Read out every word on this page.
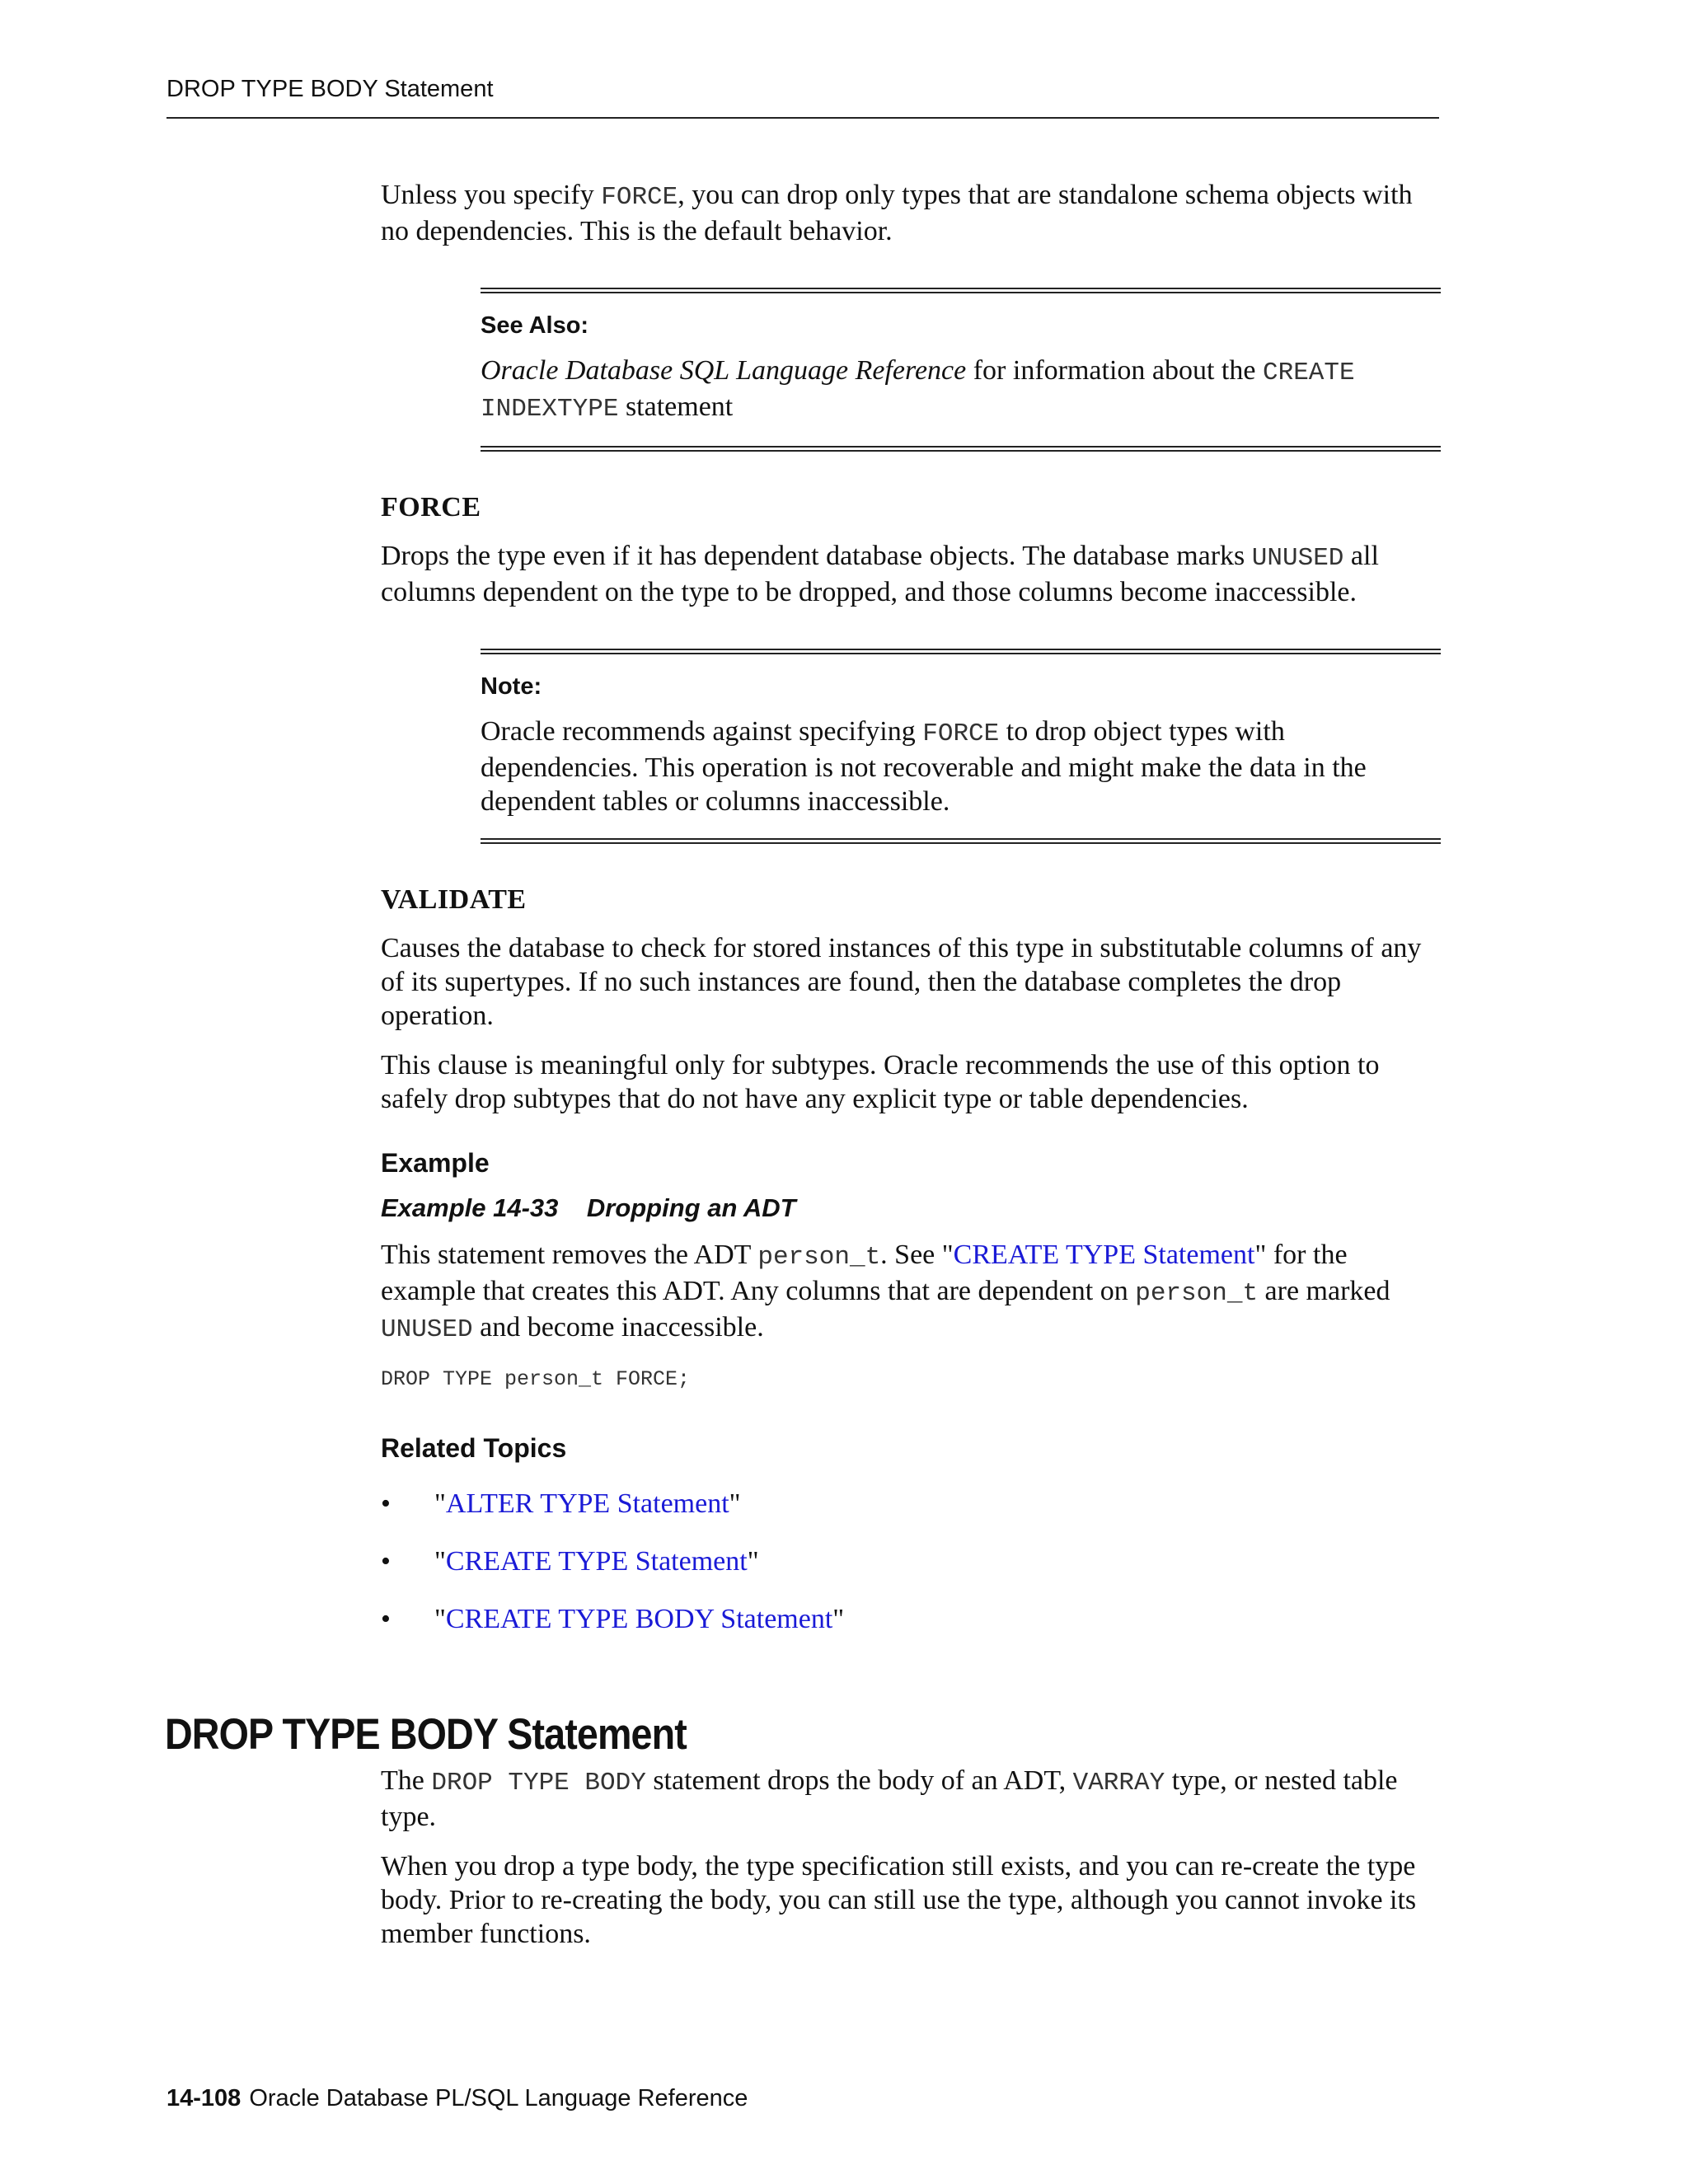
DROP TYPE BODY Statement

Unless you specify FORCE, you can drop only types that are standalone schema objects with no dependencies. This is the default behavior.

See Also:

Oracle Database SQL Language Reference for information about the CREATE INDEXTYPE statement

FORCE

Drops the type even if it has dependent database objects. The database marks UNUSED all columns dependent on the type to be dropped, and those columns become inaccessible.

Note:

Oracle recommends against specifying FORCE to drop object types with dependencies. This operation is not recoverable and might make the data in the dependent tables or columns inaccessible.

VALIDATE

Causes the database to check for stored instances of this type in substitutable columns of any of its supertypes. If no such instances are found, then the database completes the drop operation.

This clause is meaningful only for subtypes. Oracle recommends the use of this option to safely drop subtypes that do not have any explicit type or table dependencies.

Example
Example 14-33    Dropping an ADT

This statement removes the ADT person_t. See "CREATE TYPE Statement" for the example that creates this ADT. Any columns that are dependent on person_t are marked UNUSED and become inaccessible.

DROP TYPE person_t FORCE;
Related Topics
• "ALTER TYPE Statement"
• "CREATE TYPE Statement"
• "CREATE TYPE BODY Statement"
DROP TYPE BODY Statement

The DROP TYPE BODY statement drops the body of an ADT, VARRAY type, or nested table type.

When you drop a type body, the type specification still exists, and you can re-create the type body. Prior to re-creating the body, you can still use the type, although you cannot invoke its member functions.

14-108 Oracle Database PL/SQL Language Reference
